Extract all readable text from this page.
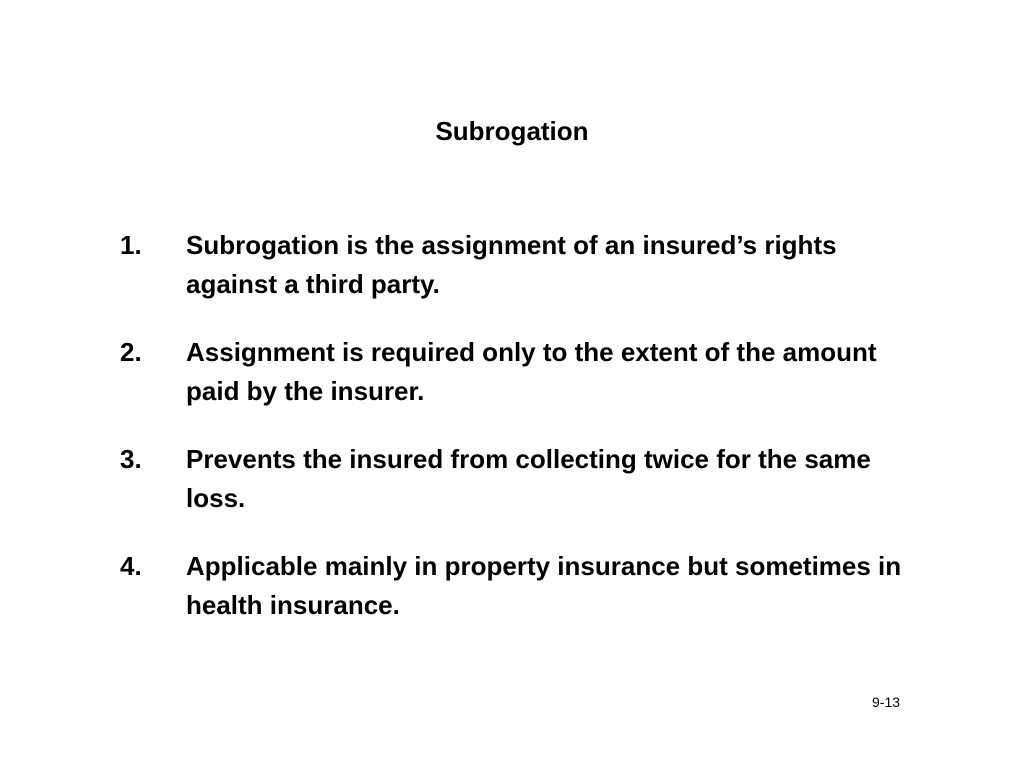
Subrogation
1. Subrogation is the assignment of an insured’s rights against a third party.
2. Assignment is required only to the extent of the amount paid by the insurer.
3. Prevents the insured from collecting twice for the same loss.
4. Applicable mainly in property insurance but sometimes in health insurance.
9-13
